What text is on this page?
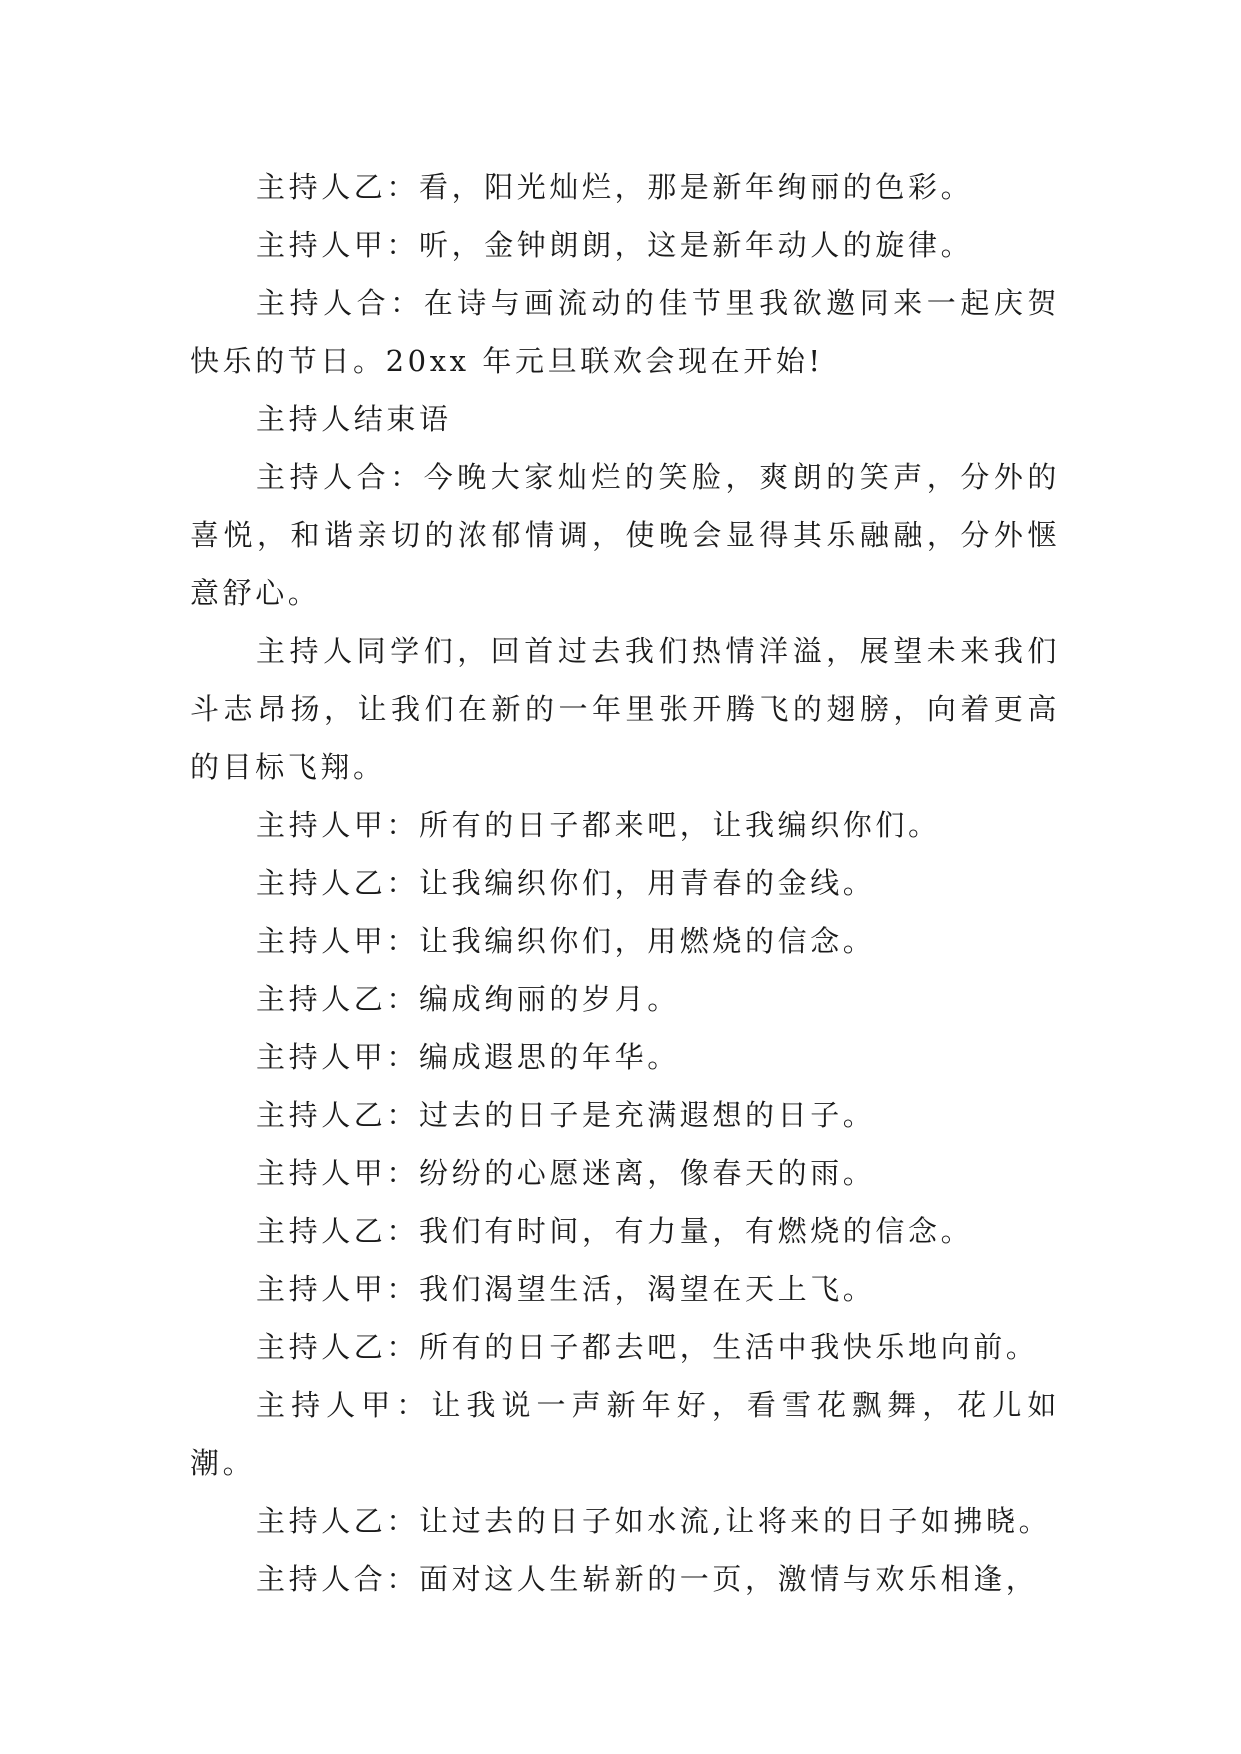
主持人乙：看，阳光灿烂，那是新年绚丽的色彩。

主持人甲：听，金钟朗朗，这是新年动人的旋律。

主持人合：在诗与画流动的佳节里我欲邀同来一起庆贺快乐的节日。20xx 年元旦联欢会现在开始!

主持人结束语

主持人合：今晚大家灿烂的笑脸，爽朗的笑声，分外的喜悦，和谐亲切的浓郁情调，使晚会显得其乐融融，分外惬意舒心。

主持人同学们，回首过去我们热情洋溢，展望未来我们斗志昂扬，让我们在新的一年里张开腾飞的翅膀，向着更高的目标飞翔。

主持人甲：所有的日子都来吧，让我编织你们。

主持人乙：让我编织你们，用青春的金线。

主持人甲：让我编织你们，用燃烧的信念。

主持人乙：编成绚丽的岁月。

主持人甲：编成遐思的年华。

主持人乙：过去的日子是充满遐想的日子。

主持人甲：纷纷的心愿迷离，像春天的雨。

主持人乙：我们有时间，有力量，有燃烧的信念。

主持人甲：我们渴望生活，渴望在天上飞。

主持人乙：所有的日子都去吧，生活中我快乐地向前。

主持人甲：让我说一声新年好，看雪花飘舞，花儿如潮。

主持人乙：让过去的日子如水流,让将来的日子如拂晓。

主持人合：面对这人生崭新的一页，激情与欢乐相逢，
